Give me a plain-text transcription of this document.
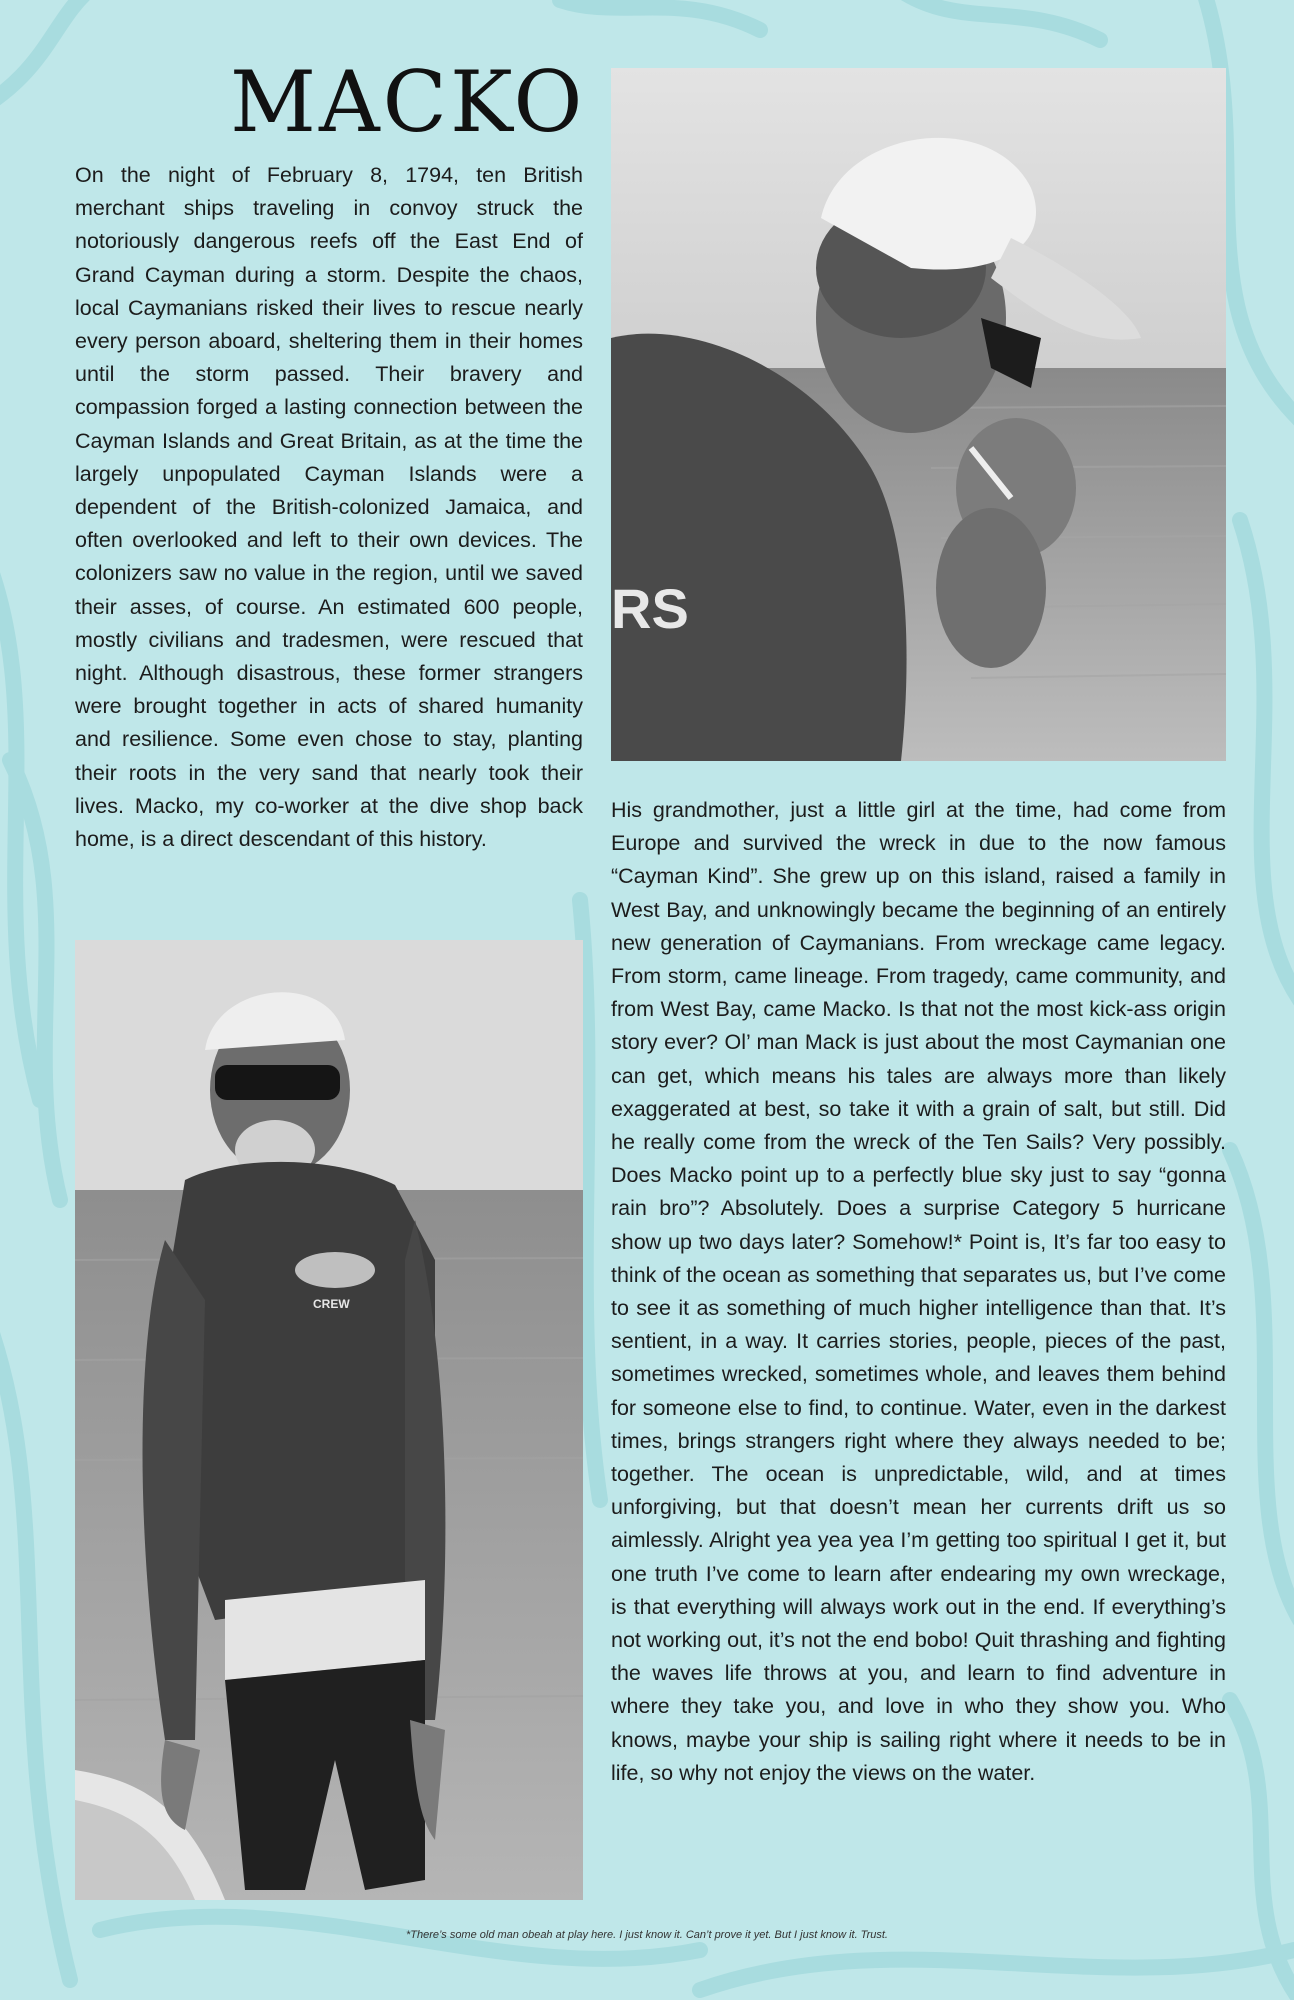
MACKO

On the night of February 8, 1794, ten British merchant ships traveling in convoy struck the notoriously dangerous reefs off the East End of Grand Cayman during a storm. Despite the chaos, local Caymanians risked their lives to rescue nearly every person aboard, sheltering them in their homes until the storm passed. Their bravery and compassion forged a lasting connection between the Cayman Islands and Great Britain, as at the time the largely unpopulated Cayman Islands were a dependent of the British-colonized Jamaica, and often overlooked and left to their own devices. The colonizers saw no value in the region, until we saved their asses, of course. An estimated 600 people, mostly civilians and tradesmen, were rescued that night. Although disastrous, these former strangers were brought together in acts of shared humanity and resilience. Some even chose to stay, planting their roots in the very sand that nearly took their lives. Macko, my co-worker at the dive shop back home, is a direct descendant of this history.

RS
CREW

His grandmother, just a little girl at the time, had come from Europe and survived the wreck in due to the now famous “Cayman Kind”. She grew up on this island, raised a family in West Bay, and unknowingly became the beginning of an entirely new generation of Caymanians. From wreckage came legacy. From storm, came lineage. From tragedy, came community, and from West Bay, came Macko. Is that not the most kick-ass origin story ever? Ol’ man Mack is just about the most Caymanian one can get, which means his tales are always more than likely exaggerated at best, so take it with a grain of salt, but still. Did he really come from the wreck of the Ten Sails? Very possibly. Does Macko point up to a perfectly blue sky just to say “gonna rain bro”? Absolutely. Does a surprise Category 5 hurricane show up two days later? Somehow!* Point is, It’s far too easy to think of the ocean as something that separates us, but I’ve come to see it as something of much higher intelligence than that. It’s sentient, in a way. It carries stories, people, pieces of the past, sometimes wrecked, sometimes whole, and leaves them behind for someone else to find, to continue. Water, even in the darkest times, brings strangers right where they always needed to be; together. The ocean is unpredictable, wild, and at times unforgiving, but that doesn’t mean her currents drift us so aimlessly. Alright yea yea yea I’m getting too spiritual I get it, but one truth I’ve come to learn after endearing my own wreckage, is that everything will always work out in the end. If everything’s not working out, it’s not the end bobo! Quit thrashing and fighting the waves life throws at you, and learn to find adventure in where they take you, and love in who they show you. Who knows, maybe your ship is sailing right where it needs to be in life, so why not enjoy the views on the water.

*There’s some old man obeah at play here. I just know it. Can’t prove it yet. But I just know it. Trust.
